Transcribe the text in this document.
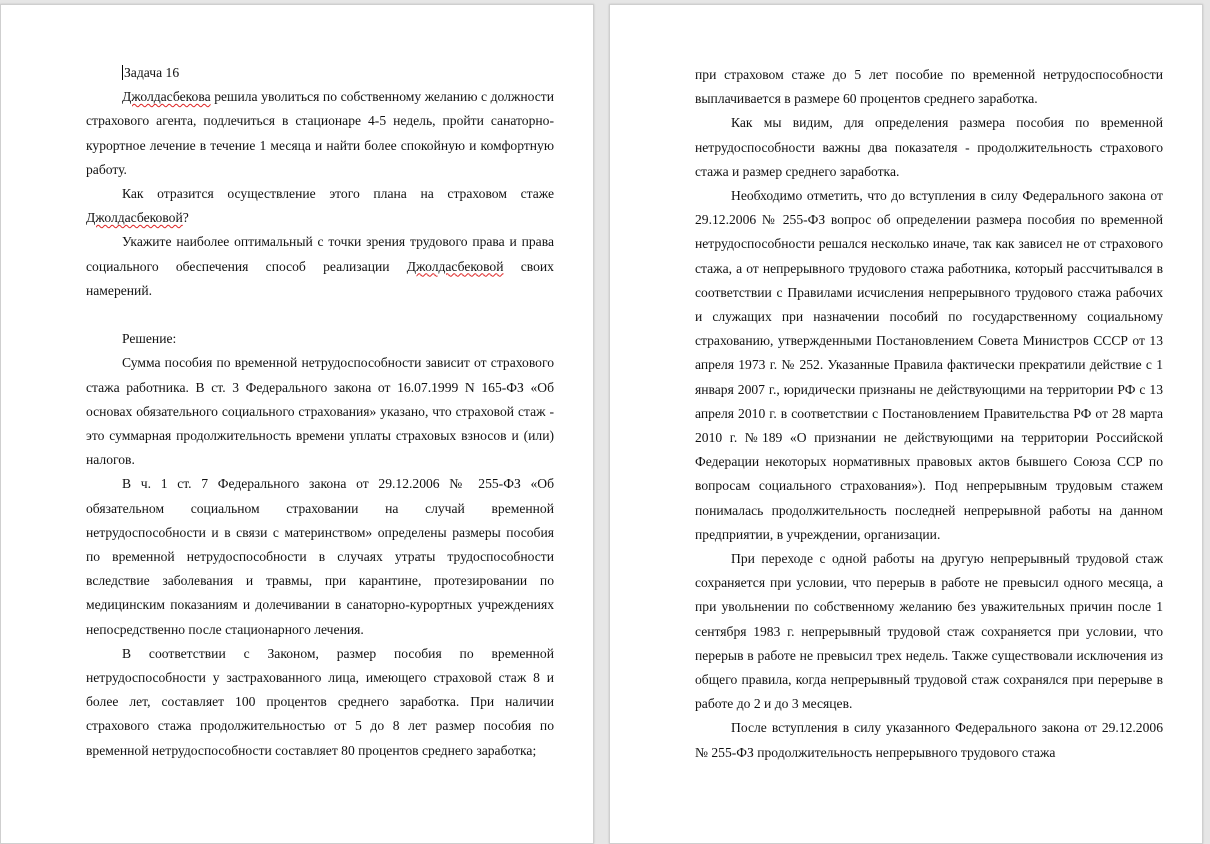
Задача 16

Джолдасбекова решила уволиться по собственному желанию с должности страхового агента, подлечиться в стационаре 4-5 недель, пройти санаторно-курортное лечение в течение 1 месяца и найти более спокойную и комфортную работу.

Как отразится осуществление этого плана на страховом стаже Джолдасбековой?

Укажите наиболее оптимальный с точки зрения трудового права и права социального обеспечения способ реализации Джолдасбековой своих намерений.

Решение:

Сумма пособия по временной нетрудоспособности зависит от страхового стажа работника. В ст. 3 Федерального закона от 16.07.1999 N 165-ФЗ «Об основах обязательного социального страхования» указано, что страховой стаж - это суммарная продолжительность времени уплаты страховых взносов и (или) налогов.

В ч. 1 ст. 7 Федерального закона от 29.12.2006 № 255-ФЗ «Об обязательном социальном страховании на случай временной нетрудоспособности и в связи с материнством» определены размеры пособия по временной нетрудоспособности в случаях утраты трудоспособности вследствие заболевания и травмы, при карантине, протезировании по медицинским показаниям и долечивании в санаторно-курортных учреждениях непосредственно после стационарного лечения.

В соответствии с Законом, размер пособия по временной нетрудоспособности у застрахованного лица, имеющего страховой стаж 8 и более лет, составляет 100 процентов среднего заработка. При наличии страхового стажа продолжительностью от 5 до 8 лет размер пособия по временной нетрудоспособности составляет 80 процентов среднего заработка;

при страховом стаже до 5 лет пособие по временной нетрудоспособности выплачивается в размере 60 процентов среднего заработка.

Как мы видим, для определения размера пособия по временной нетрудоспособности важны два показателя - продолжительность страхового стажа и размер среднего заработка.

Необходимо отметить, что до вступления в силу Федерального закона от 29.12.2006 № 255-ФЗ вопрос об определении размера пособия по временной нетрудоспособности решался несколько иначе, так как зависел не от страхового стажа, а от непрерывного трудового стажа работника, который рассчитывался в соответствии с Правилами исчисления непрерывного трудового стажа рабочих и служащих при назначении пособий по государственному социальному страхованию, утвержденными Постановлением Совета Министров СССР от 13 апреля 1973 г. № 252. Указанные Правила фактически прекратили действие с 1 января 2007 г., юридически признаны не действующими на территории РФ с 13 апреля 2010 г. в соответствии с Постановлением Правительства РФ от 28 марта 2010 г. №189 «О признании не действующими на территории Российской Федерации некоторых нормативных правовых актов бывшего Союза ССР по вопросам социального страхования»). Под непрерывным трудовым стажем понималась продолжительность последней непрерывной работы на данном предприятии, в учреждении, организации.

При переходе с одной работы на другую непрерывный трудовой стаж сохраняется при условии, что перерыв в работе не превысил одного месяца, а при увольнении по собственному желанию без уважительных причин после 1 сентября 1983 г. непрерывный трудовой стаж сохраняется при условии, что перерыв в работе не превысил трех недель. Также существовали исключения из общего правила, когда непрерывный трудовой стаж сохранялся при перерыве в работе до 2 и до 3 месяцев.

После вступления в силу указанного Федерального закона от 29.12.2006 № 255-ФЗ продолжительность непрерывного трудового стажа
